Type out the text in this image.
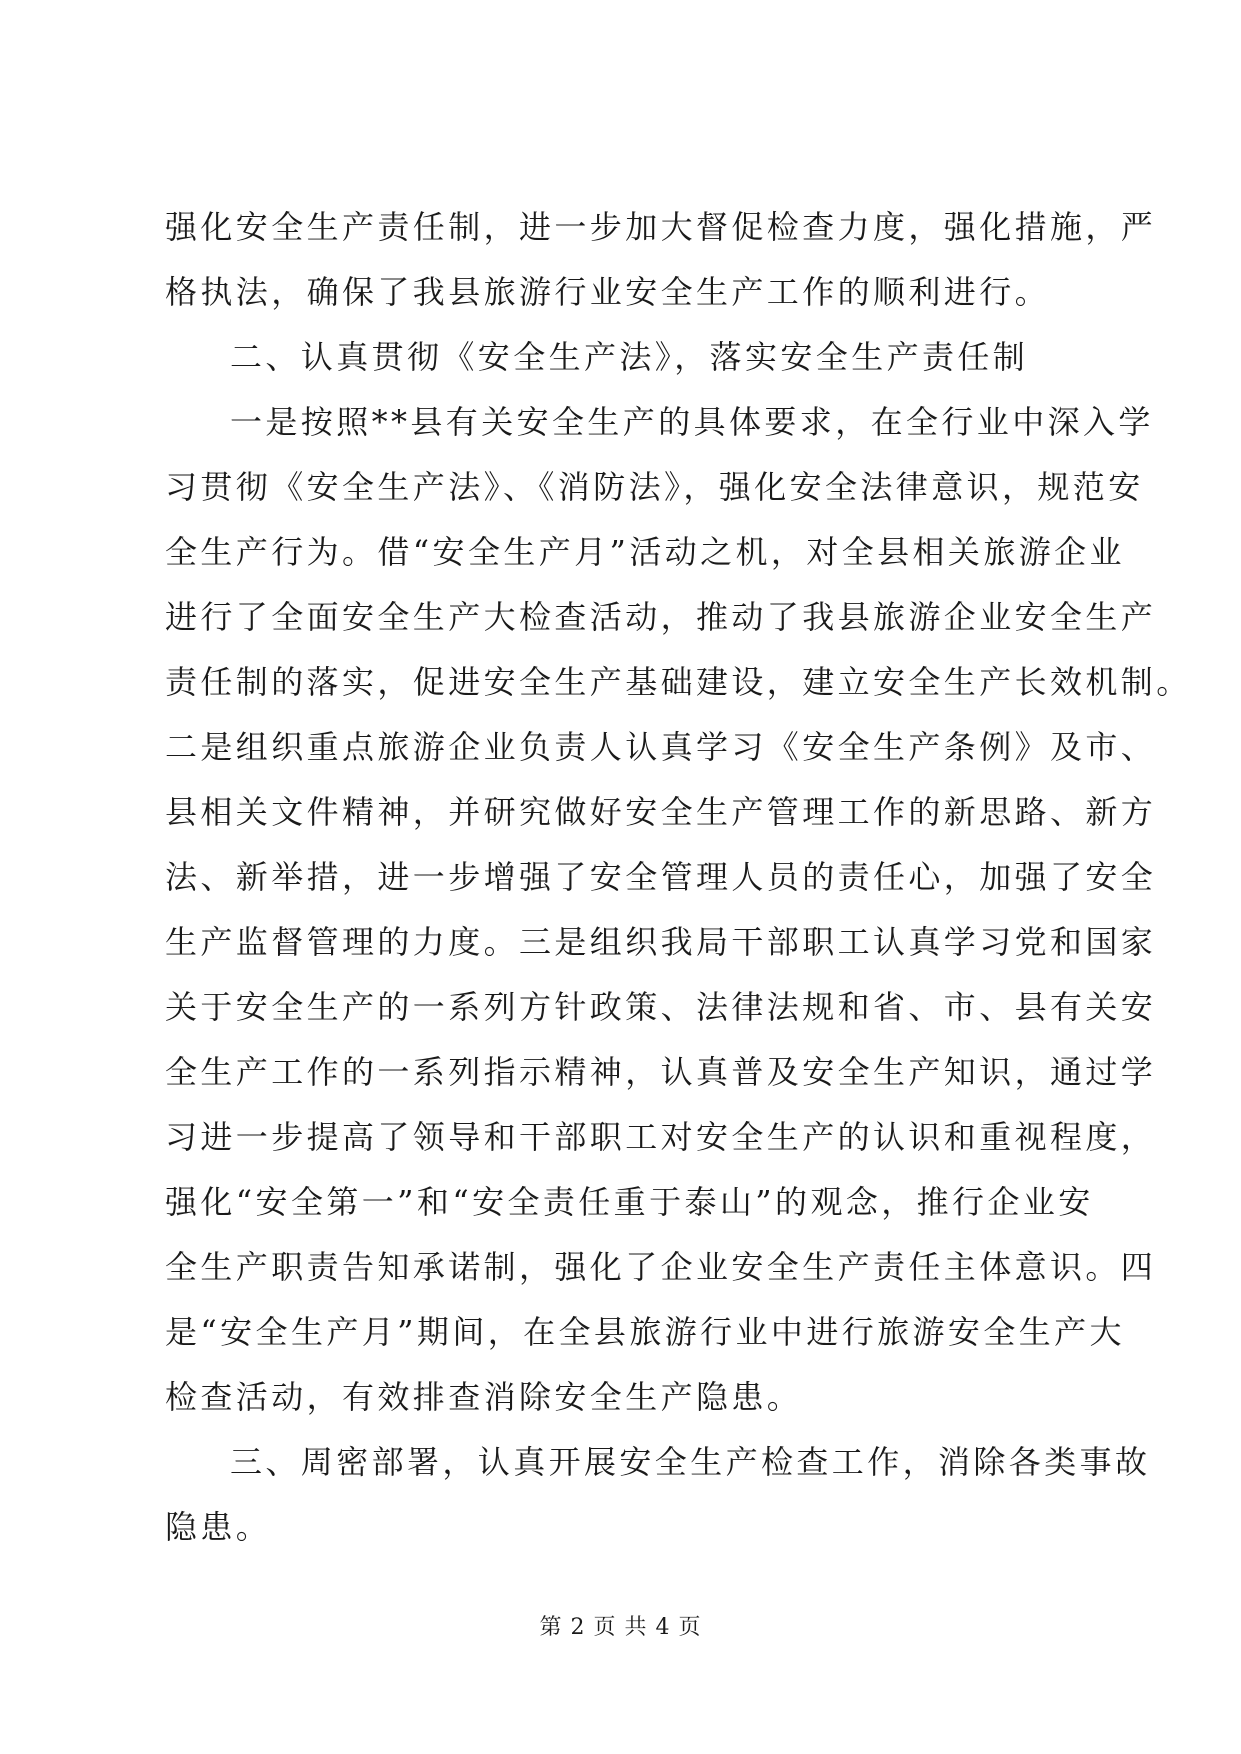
强化安全生产责任制，进一步加大督促检查力度，强化措施，严
格执法，确保了我县旅游行业安全生产工作的顺利进行。
二、认真贯彻《安全生产法》，落实安全生产责任制
一是按照**县有关安全生产的具体要求，在全行业中深入学
习贯彻《安全生产法》、《消防法》，强化安全法律意识，规范安
全生产行为。借“安全生产月”活动之机，对全县相关旅游企业
进行了全面安全生产大检查活动，推动了我县旅游企业安全生产
责任制的落实，促进安全生产基础建设，建立安全生产长效机制。
二是组织重点旅游企业负责人认真学习《安全生产条例》及市、
县相关文件精神，并研究做好安全生产管理工作的新思路、新方
法、新举措，进一步增强了安全管理人员的责任心，加强了安全
生产监督管理的力度。三是组织我局干部职工认真学习党和国家
关于安全生产的一系列方针政策、法律法规和省、市、县有关安
全生产工作的一系列指示精神，认真普及安全生产知识，通过学
习进一步提高了领导和干部职工对安全生产的认识和重视程度，
强化“安全第一”和“安全责任重于泰山”的观念，推行企业安
全生产职责告知承诺制，强化了企业安全生产责任主体意识。四
是“安全生产月”期间，在全县旅游行业中进行旅游安全生产大
检查活动，有效排查消除安全生产隐患。
三、周密部署，认真开展安全生产检查工作，消除各类事故
隐患。
第 2 页 共 4 页
